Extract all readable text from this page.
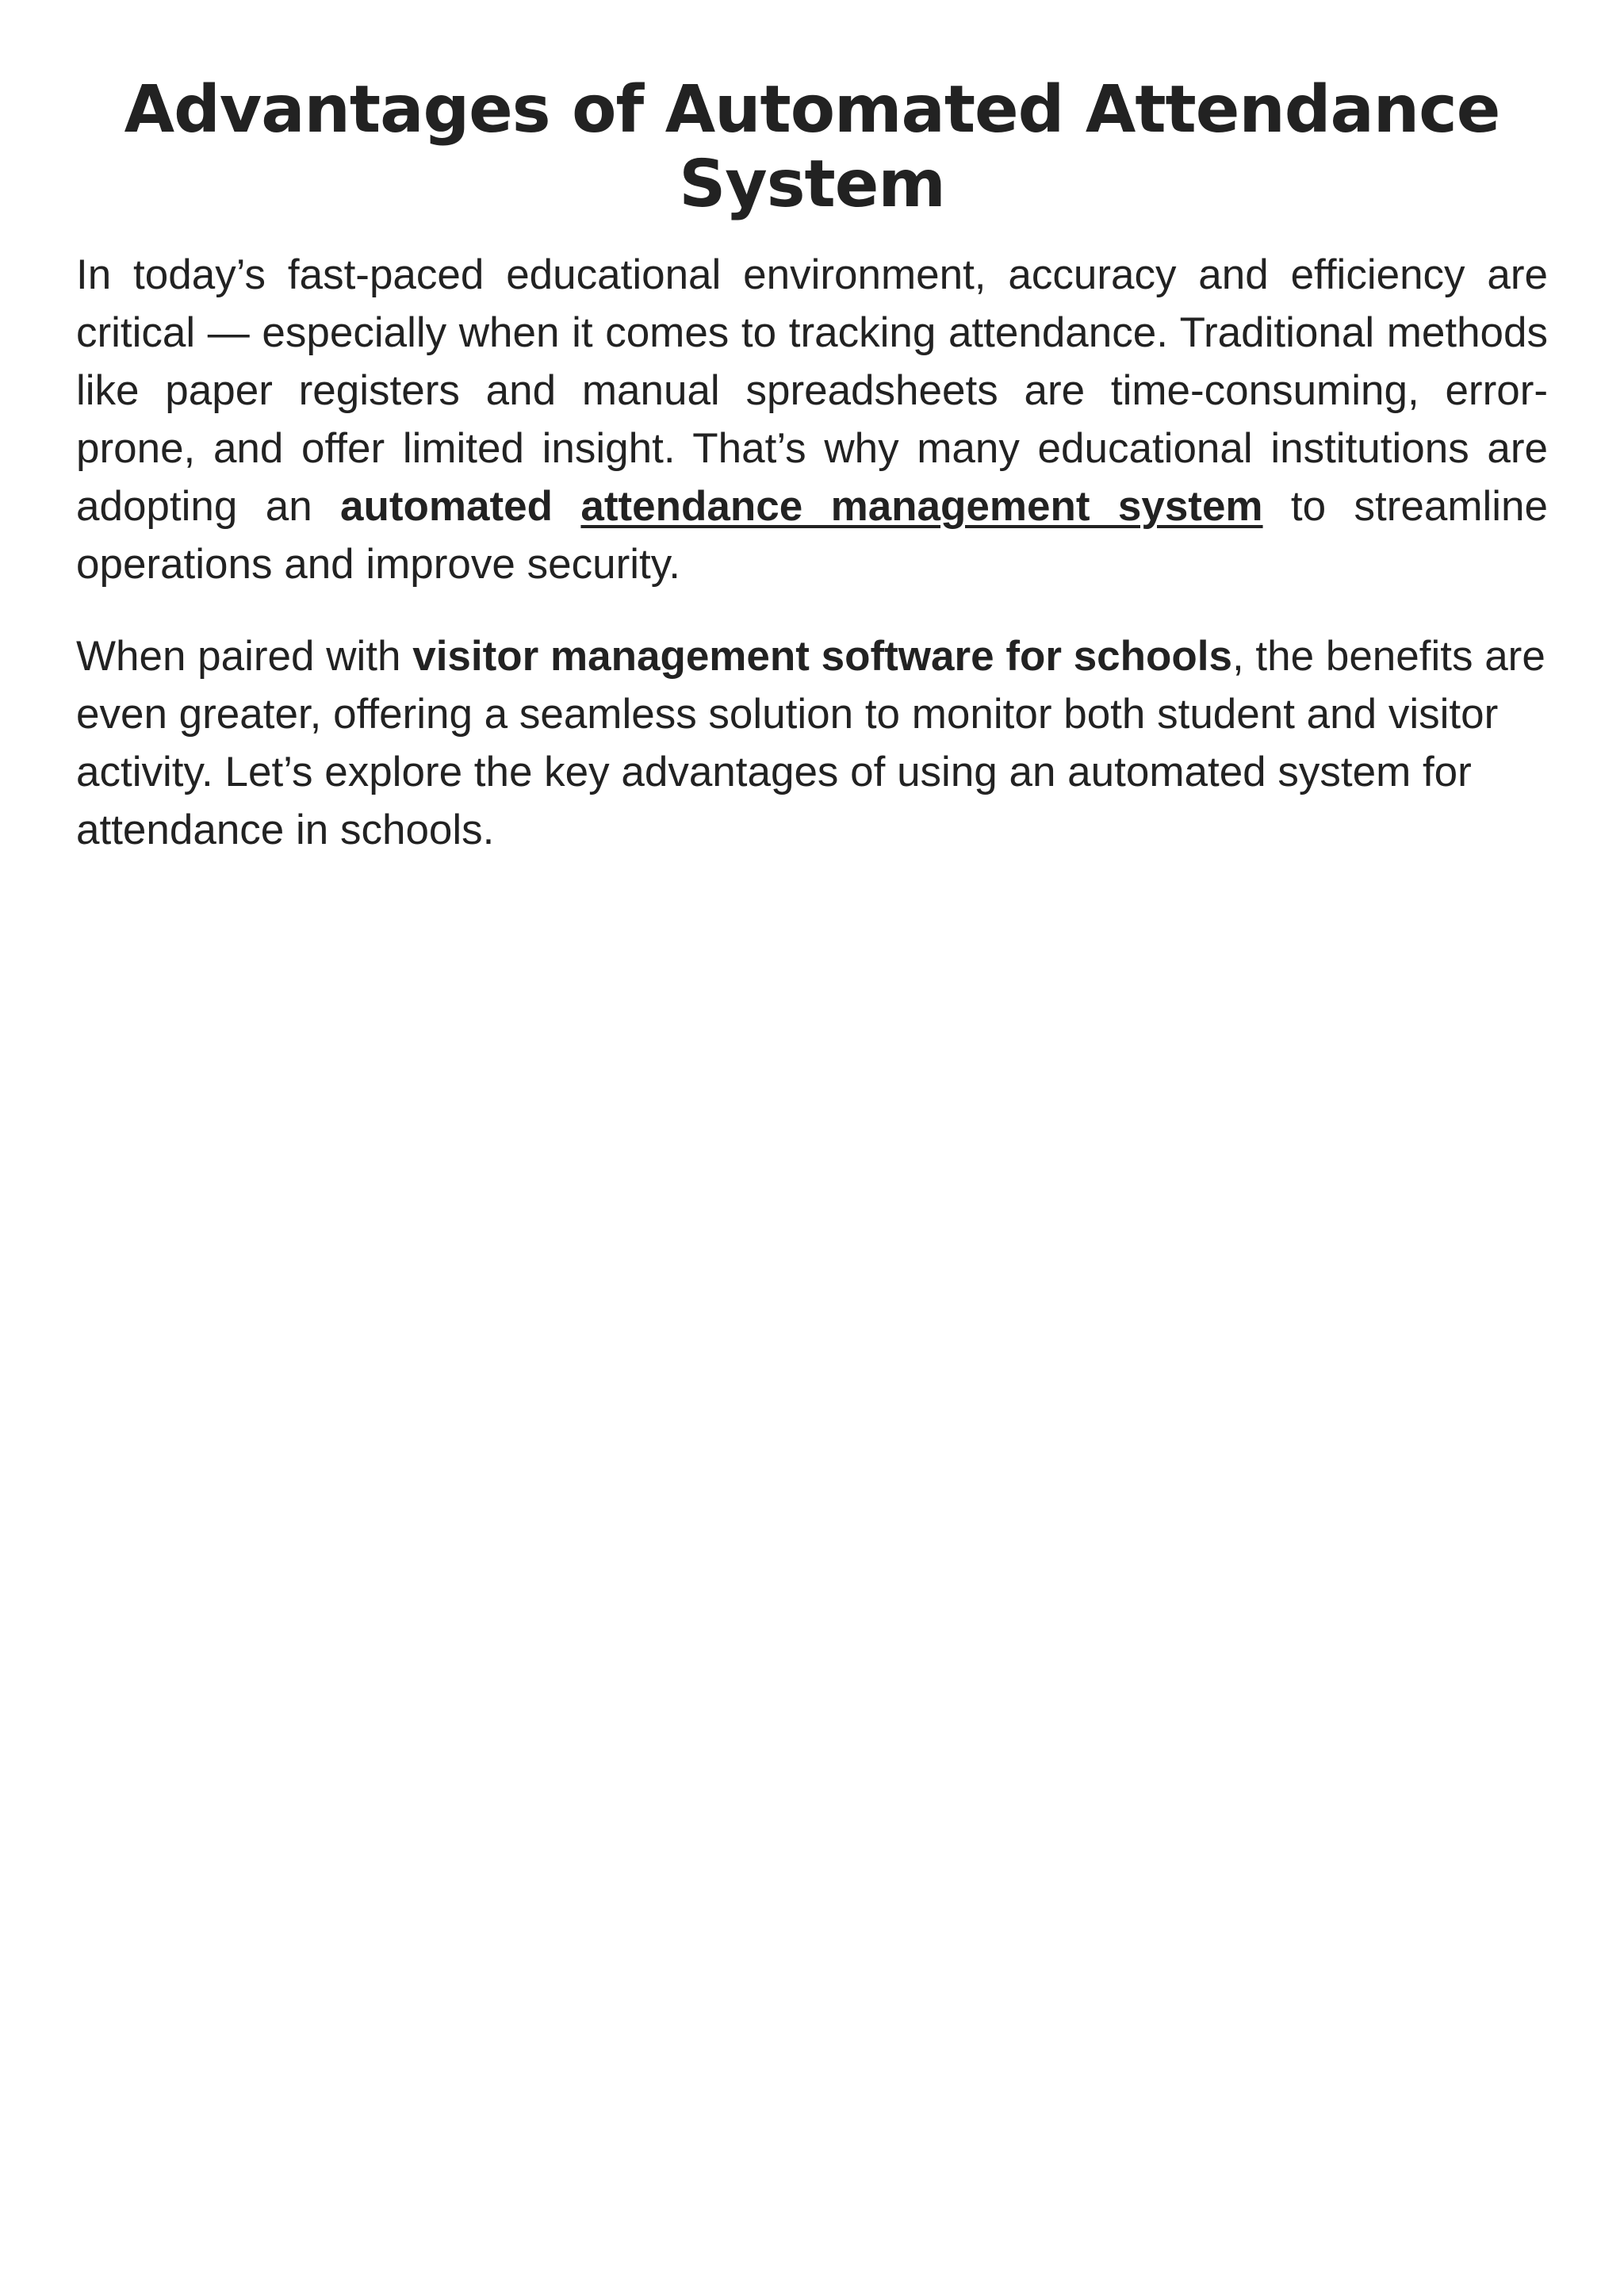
Advantages of Automated Attendance System

In today’s fast-paced educational environment, accuracy and efficiency are critical — especially when it comes to tracking attendance. Traditional methods like paper registers and manual spreadsheets are time-consuming, error-prone, and offer limited insight. That’s why many educational institutions are adopting an automated attendance management system to streamline operations and improve security.

When paired with visitor management software for schools, the benefits are even greater, offering a seamless solution to monitor both student and visitor activity. Let’s explore the key advantages of using an automated system for attendance in schools.
